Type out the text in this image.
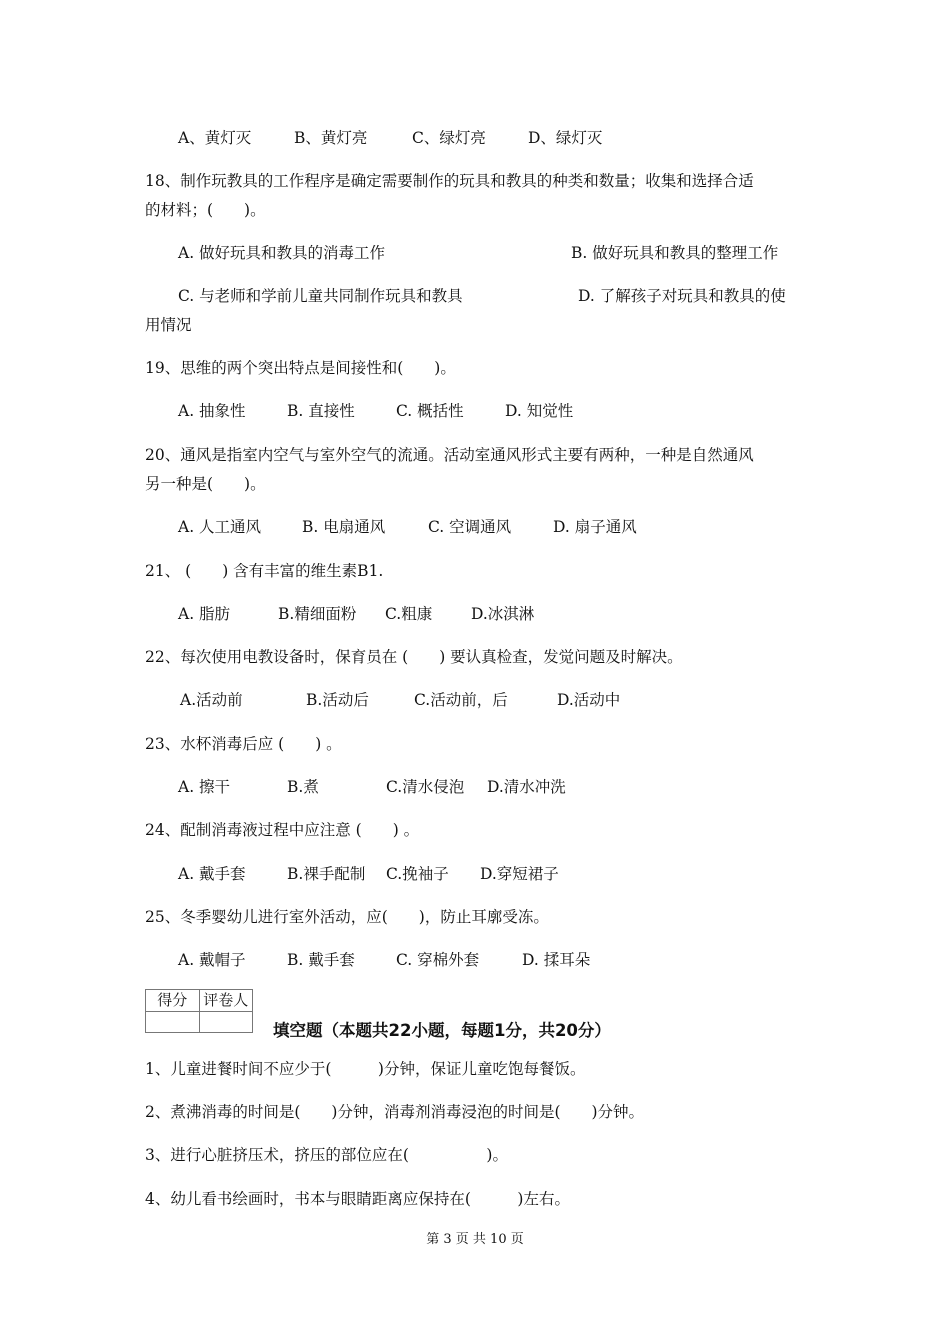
A、黄灯灭	B、黄灯亮	C、绿灯亮	D、绿灯灭
18、制作玩教具的工作程序是确定需要制作的玩具和教具的种类和数量；收集和选择合适
的材料；(　　)。
A. 做好玩具和教具的消毒工作	B. 做好玩具和教具的整理工作
C. 与老师和学前儿童共同制作玩具和教具	D. 了解孩子对玩具和教具的使
用情况
19、思维的两个突出特点是间接性和(　　)。
A. 抽象性	B. 直接性	C. 概括性	D. 知觉性
20、通风是指室内空气与室外空气的流通。活动室通风形式主要有两种，一种是自然通风
另一种是(　　)。
A. 人工通风	B. 电扇通风	C. 空调通风	D. 扇子通风
21、 (　　) 含有丰富的维生素B1.
A. 脂肪	B.精细面粉 C.粗康	D.冰淇淋
22、每次使用电教设备时，保育员在 (　　) 要认真检查，发觉问题及时解决。
A.活动前	B.活动后	C.活动前，后	D.活动中
23、水杯消毒后应 (　　) 。
A. 擦干	B.煮	C.清水侵泡 D.清水冲洗
24、配制消毒液过程中应注意 (　　) 。
A. 戴手套	B.裸手配制 C.挽袖子 D.穿短裙子
25、冬季婴幼儿进行室外活动，应(　　)，防止耳廓受冻。
A. 戴帽子	B. 戴手套	C. 穿棉外套	D. 揉耳朵
得分	评卷人

填空题（本题共22小题，每题1分，共20分）
1、儿童进餐时间不应少于(　　　)分钟，保证儿童吃饱每餐饭。
2、煮沸消毒的时间是(　　)分钟，消毒剂消毒浸泡的时间是(　　)分钟。
3、进行心脏挤压术，挤压的部位应在(　　　　　)。
4、幼儿看书绘画时，书本与眼睛距离应保持在(　　　)左右。
第 3 页 共 10 页
